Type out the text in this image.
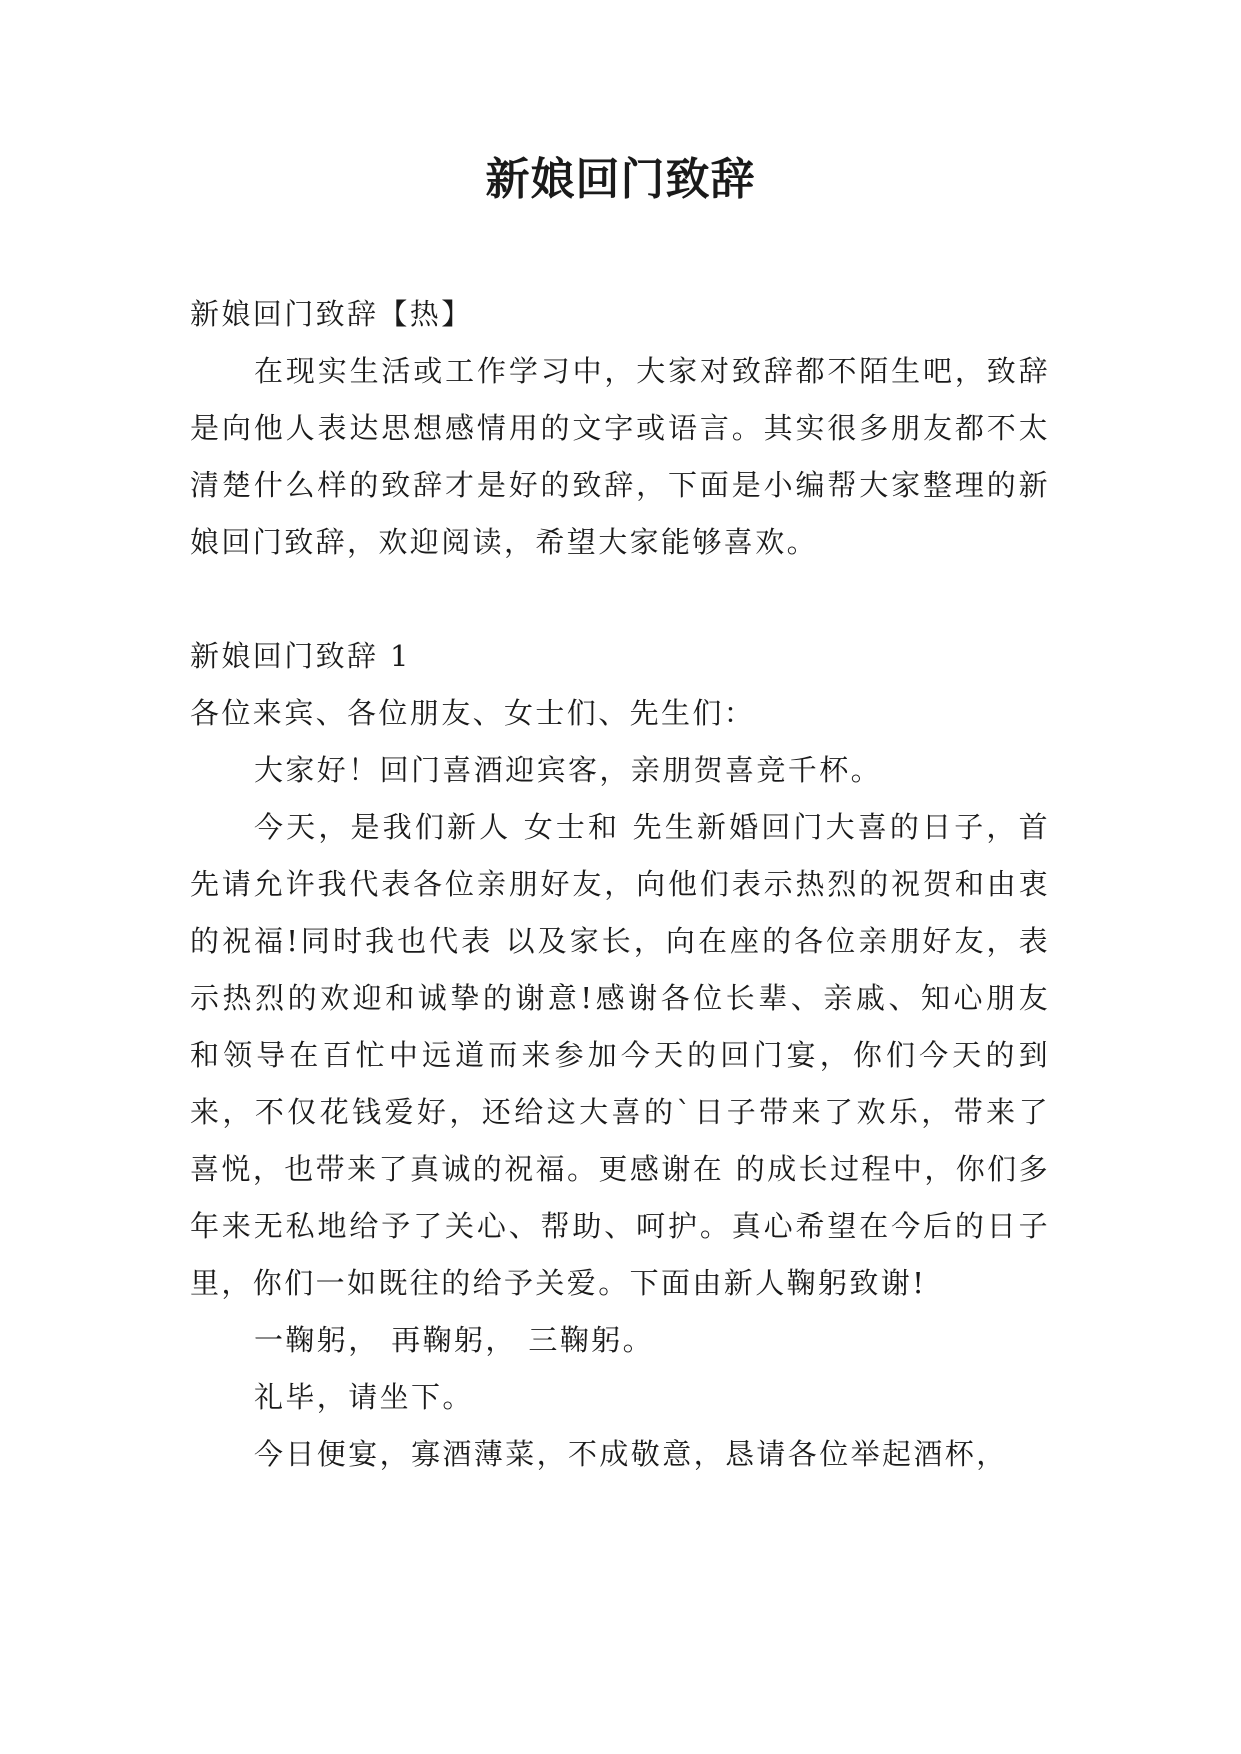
新娘回门致辞

新娘回门致辞【热】

在现实生活或工作学习中，大家对致辞都不陌生吧，致辞是向他人表达思想感情用的文字或语言。其实很多朋友都不太清楚什么样的致辞才是好的致辞，下面是小编帮大家整理的新娘回门致辞，欢迎阅读，希望大家能够喜欢。

新娘回门致辞 1

各位来宾、各位朋友、女士们、先生们：

大家好！回门喜酒迎宾客，亲朋贺喜竞千杯。

今天，是我们新人 女士和 先生新婚回门大喜的日子，首先请允许我代表各位亲朋好友，向他们表示热烈的祝贺和由衷的祝福!同时我也代表 以及家长，向在座的各位亲朋好友，表示热烈的欢迎和诚挚的谢意!感谢各位长辈、亲戚、知心朋友和领导在百忙中远道而来参加今天的回门宴，你们今天的到来，不仅花钱爱好，还给这大喜的`日子带来了欢乐，带来了喜悦，也带来了真诚的祝福。更感谢在 的成长过程中，你们多年来无私地给予了关心、帮助、呵护。真心希望在今后的日子里，你们一如既往的给予关爱。下面由新人鞠躬致谢!

一鞠躬， 再鞠躬， 三鞠躬。

礼毕，请坐下。

今日便宴，寡酒薄菜，不成敬意，恳请各位举起酒杯，
